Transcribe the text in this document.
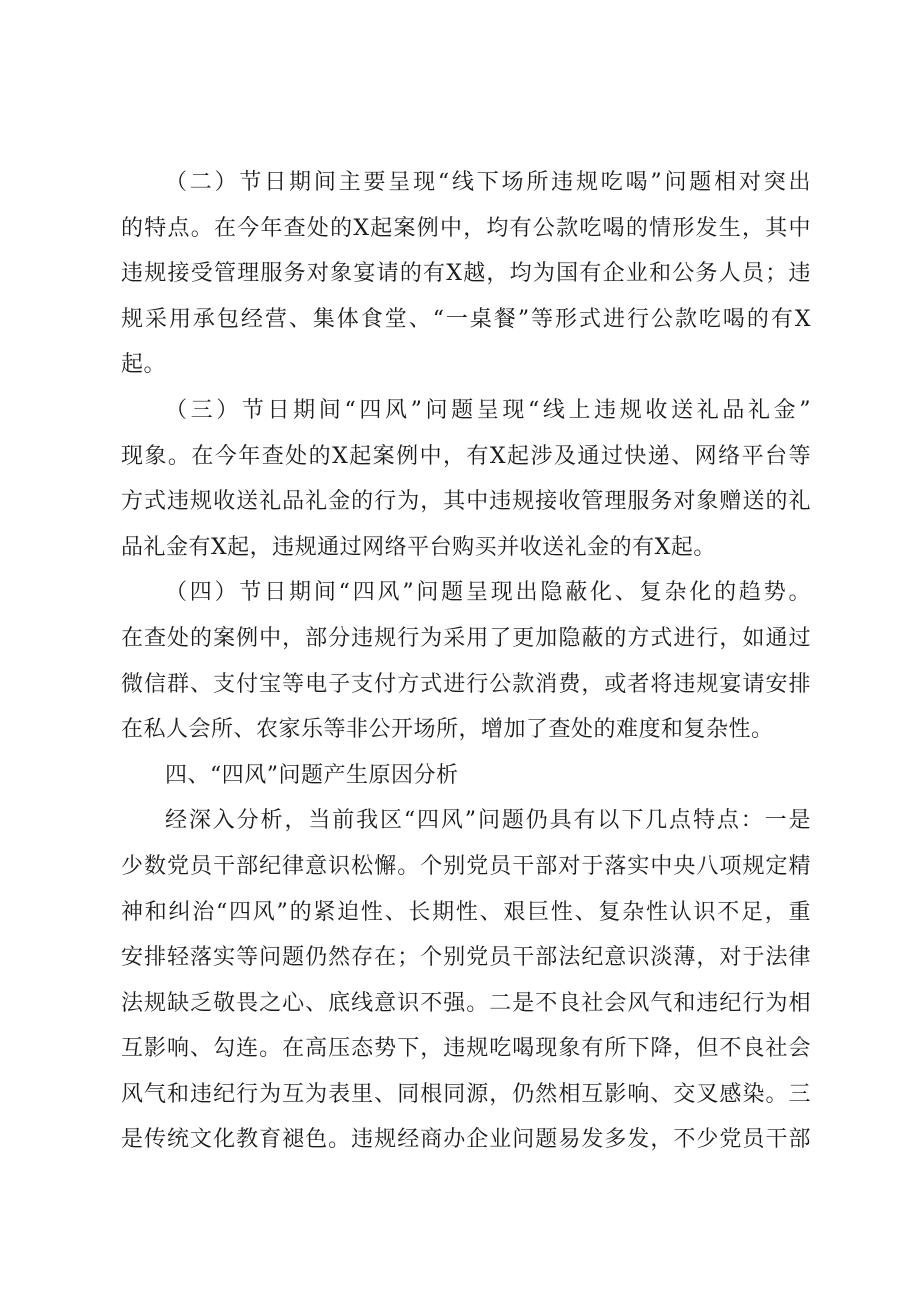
（二）节日期间主要呈现“线下场所违规吃喝”问题相对突出
的特点。在今年查处的X起案例中，均有公款吃喝的情形发生，其中
违规接受管理服务对象宴请的有X越，均为国有企业和公务人员；违
规采用承包经营、集体食堂、“一桌餐”等形式进行公款吃喝的有X
起。
（三）节日期间“四风”问题呈现“线上违规收送礼品礼金”
现象。在今年查处的X起案例中，有X起涉及通过快递、网络平台等
方式违规收送礼品礼金的行为，其中违规接收管理服务对象赠送的礼
品礼金有X起，违规通过网络平台购买并收送礼金的有X起。
（四）节日期间“四风”问题呈现出隐蔽化、复杂化的趋势。
在查处的案例中，部分违规行为采用了更加隐蔽的方式进行，如通过
微信群、支付宝等电子支付方式进行公款消费，或者将违规宴请安排
在私人会所、农家乐等非公开场所，增加了查处的难度和复杂性。
四、“四风”问题产生原因分析
经深入分析，当前我区“四风”问题仍具有以下几点特点：一是
少数党员干部纪律意识松懈。个别党员干部对于落实中央八项规定精
神和纠治“四风”的紧迫性、长期性、艰巨性、复杂性认识不足，重
安排轻落实等问题仍然存在；个别党员干部法纪意识淡薄，对于法律
法规缺乏敬畏之心、底线意识不强。二是不良社会风气和违纪行为相
互影响、勾连。在高压态势下，违规吃喝现象有所下降，但不良社会
风气和违纪行为互为表里、同根同源，仍然相互影响、交叉感染。三
是传统文化教育褪色。违规经商办企业问题易发多发，不少党员干部
